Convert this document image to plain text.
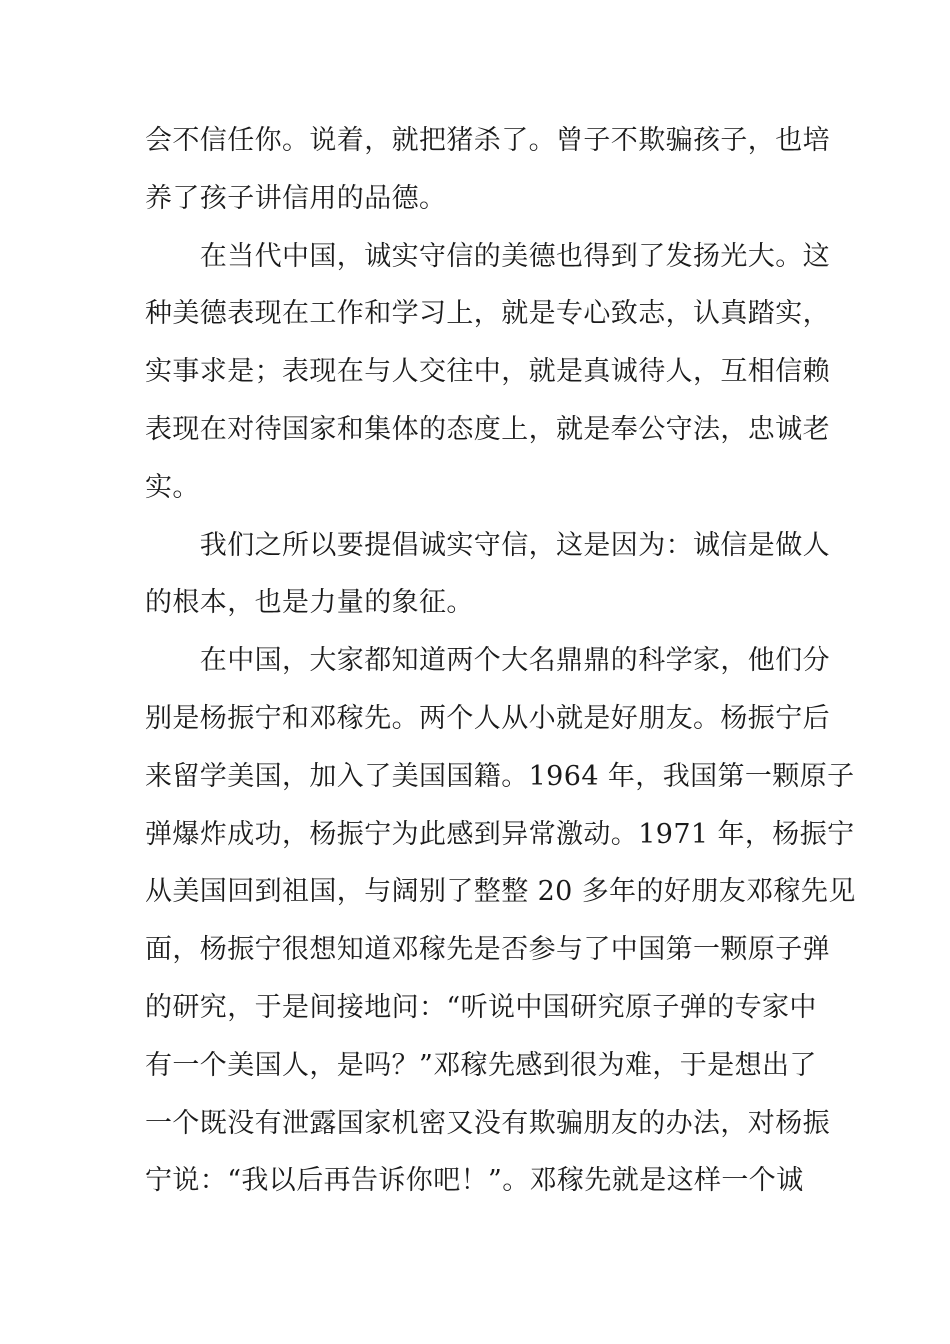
会不信任你。说着，就把猪杀了。曾子不欺骗孩子，也培
养了孩子讲信用的品德。
　　在当代中国，诚实守信的美德也得到了发扬光大。这
种美德表现在工作和学习上，就是专心致志，认真踏实，
实事求是；表现在与人交往中，就是真诚待人，互相信赖
表现在对待国家和集体的态度上，就是奉公守法，忠诚老
实。
　　我们之所以要提倡诚实守信，这是因为：诚信是做人
的根本，也是力量的象征。
　　在中国，大家都知道两个大名鼎鼎的科学家，他们分
别是杨振宁和邓稼先。两个人从小就是好朋友。杨振宁后
来留学美国，加入了美国国籍。1964 年，我国第一颗原子
弹爆炸成功，杨振宁为此感到异常激动。1971 年，杨振宁
从美国回到祖国，与阔别了整整 20 多年的好朋友邓稼先见
面，杨振宁很想知道邓稼先是否参与了中国第一颗原子弹
的研究，于是间接地问：“听说中国研究原子弹的专家中
有一个美国人，是吗？”邓稼先感到很为难，于是想出了
一个既没有泄露国家机密又没有欺骗朋友的办法，对杨振
宁说：“我以后再告诉你吧！”。邓稼先就是这样一个诚
